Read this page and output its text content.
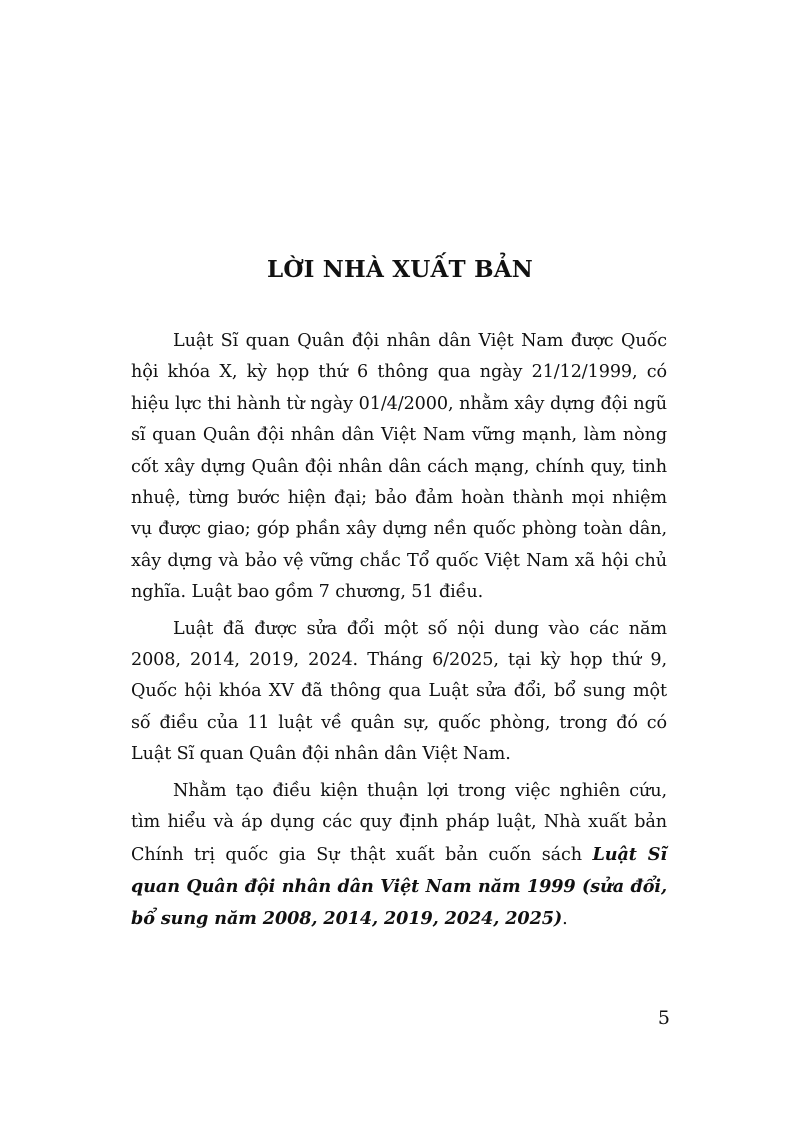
LỜI NHÀ XUẤT BẢN

Luật Sĩ quan Quân đội nhân dân Việt Nam được Quốc hội khóa X, kỳ họp thứ 6 thông qua ngày 21/12/1999, có hiệu lực thi hành từ ngày 01/4/2000, nhằm xây dựng đội ngũ sĩ quan Quân đội nhân dân Việt Nam vững mạnh, làm nòng cốt xây dựng Quân đội nhân dân cách mạng, chính quy, tinh nhuệ, từng bước hiện đại; bảo đảm hoàn thành mọi nhiệm vụ được giao; góp phần xây dựng nền quốc phòng toàn dân, xây dựng và bảo vệ vững chắc Tổ quốc Việt Nam xã hội chủ nghĩa. Luật bao gồm 7 chương, 51 điều.

Luật đã được sửa đổi một số nội dung vào các năm 2008, 2014, 2019, 2024. Tháng 6/2025, tại kỳ họp thứ 9, Quốc hội khóa XV đã thông qua Luật sửa đổi, bổ sung một số điều của 11 luật về quân sự, quốc phòng, trong đó có Luật Sĩ quan Quân đội nhân dân Việt Nam.

Nhằm tạo điều kiện thuận lợi trong việc nghiên cứu, tìm hiểu và áp dụng các quy định pháp luật, Nhà xuất bản Chính trị quốc gia Sự thật xuất bản cuốn sách Luật Sĩ quan Quân đội nhân dân Việt Nam năm 1999 (sửa đổi, bổ sung năm 2008, 2014, 2019, 2024, 2025).

5
